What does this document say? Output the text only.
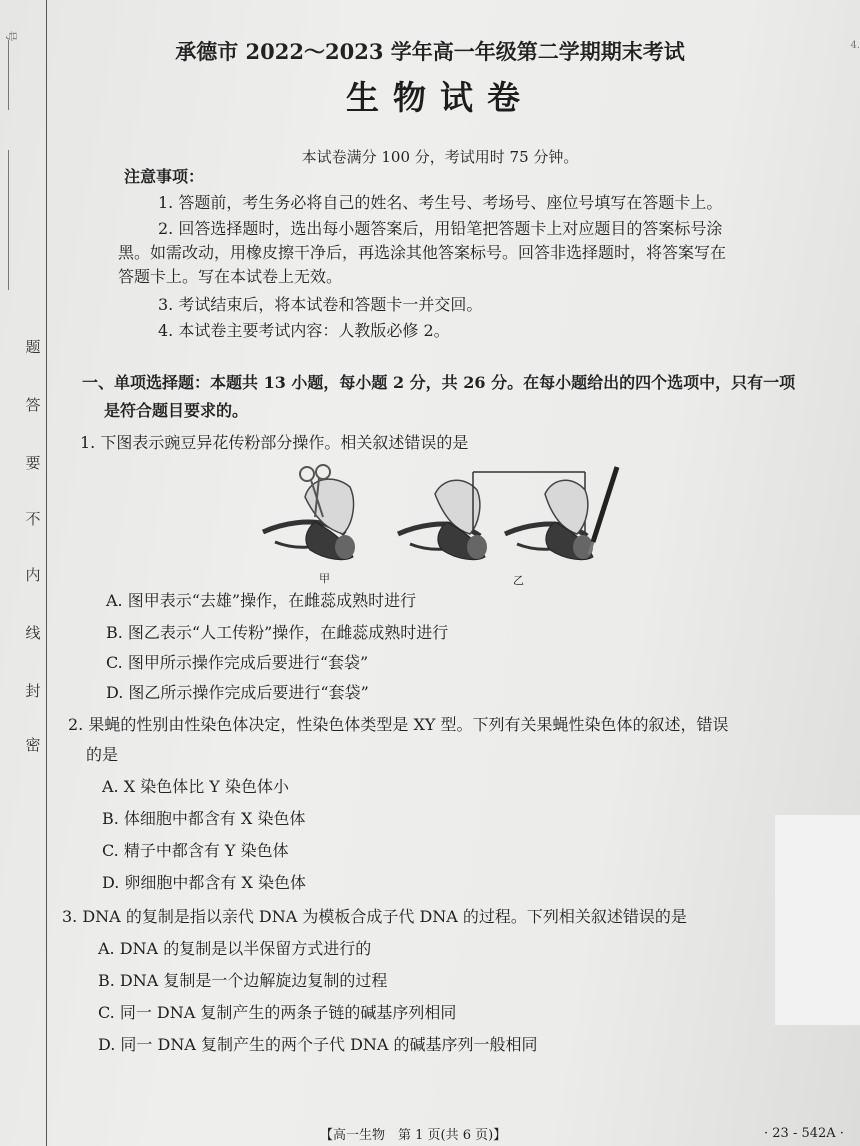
号
题
答
要
不
内
线
封
密
4.
承德市 2022～2023 学年高一年级第二学期期末考试
生物试卷
本试卷满分 100 分，考试用时 75 分钟。
注意事项：
1. 答题前，考生务必将自己的姓名、考生号、考场号、座位号填写在答题卡上。
2. 回答选择题时，选出每小题答案后，用铅笔把答题卡上对应题目的答案标号涂
黑。如需改动，用橡皮擦干净后，再选涂其他答案标号。回答非选择题时，将答案写在
答题卡上。写在本试卷上无效。
3. 考试结束后，将本试卷和答题卡一并交回。
4. 本试卷主要考试内容：人教版必修 2。
一、单项选择题：本题共 13 小题，每小题 2 分，共 26 分。在每小题给出的四个选项中，只有一项
是符合题目要求的。
1. 下图表示豌豆异花传粉部分操作。相关叙述错误的是
甲	乙
A. 图甲表示“去雄”操作，在雌蕊成熟时进行
B. 图乙表示“人工传粉”操作，在雌蕊成熟时进行
C. 图甲所示操作完成后要进行“套袋”
D. 图乙所示操作完成后要进行“套袋”
2. 果蝇的性别由性染色体决定，性染色体类型是 XY 型。下列有关果蝇性染色体的叙述，错误
的是
A. X 染色体比 Y 染色体小
B. 体细胞中都含有 X 染色体
C. 精子中都含有 Y 染色体
D. 卵细胞中都含有 X 染色体
3. DNA 的复制是指以亲代 DNA 为模板合成子代 DNA 的过程。下列相关叙述错误的是
A. DNA 的复制是以半保留方式进行的
B. DNA 复制是一个边解旋边复制的过程
C. 同一 DNA 复制产生的两条子链的碱基序列相同
D. 同一 DNA 复制产生的两个子代 DNA 的碱基序列一般相同
【高一生物　第 1 页(共 6 页)】	· 23 - 542A ·
